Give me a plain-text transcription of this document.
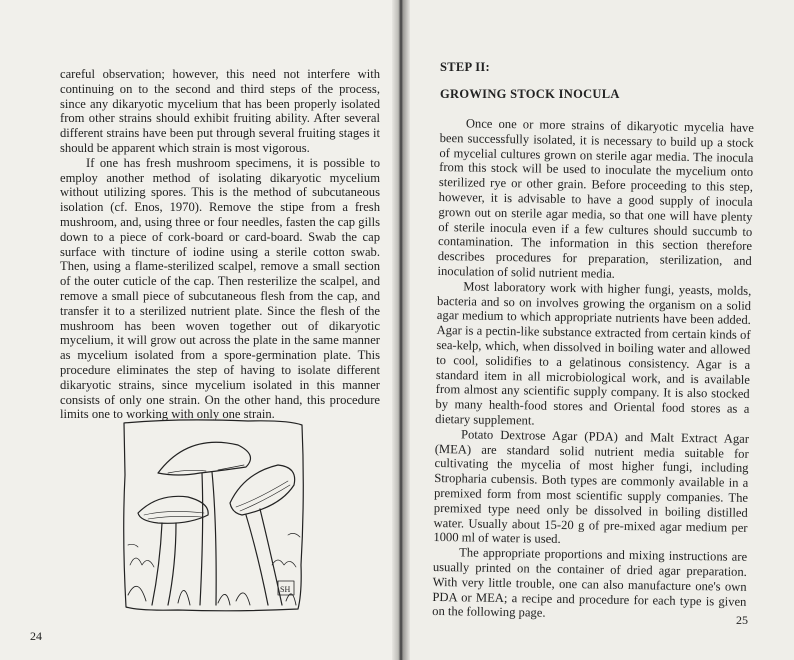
careful observation; however, this need not interfere with continuing on to the second and third steps of the process, since any dikaryotic mycelium that has been properly isolated from other strains should exhibit fruiting ability. After several different strains have been put through several fruiting stages it should be apparent which strain is most vigorous.

If one has fresh mushroom specimens, it is possible to employ another method of isolating dikaryotic mycelium without utilizing spores. This is the method of subcutaneous isolation (cf. Enos, 1970). Remove the stipe from a fresh mushroom, and, using three or four needles, fasten the cap gills down to a piece of cork-board or card-board. Swab the cap surface with tincture of iodine using a sterile cotton swab. Then, using a flame-sterilized scalpel, remove a small section of the outer cuticle of the cap. Then resterilize the scalpel, and remove a small piece of subcutaneous flesh from the cap, and transfer it to a sterilized nutrient plate. Since the flesh of the mushroom has been woven together out of dikaryotic mycelium, it will grow out across the plate in the same manner as mycelium isolated from a spore-germination plate. This procedure eliminates the step of having to isolate different dikaryotic strains, since mycelium isolated in this manner consists of only one strain. On the other hand, this procedure limits one to working with only one strain.

SH
24
STEP II:
GROWING STOCK INOCULA

Once one or more strains of dikaryotic mycelia have been successfully isolated, it is necessary to build up a stock of mycelial cultures grown on sterile agar media. The inocula from this stock will be used to inoculate the mycelium onto sterilized rye or other grain. Before proceeding to this step, however, it is advisable to have a good supply of inocula grown out on sterile agar media, so that one will have plenty of sterile inocula even if a few cultures should succumb to contamination. The information in this section therefore describes procedures for preparation, sterilization, and inoculation of solid nutrient media.

Most laboratory work with higher fungi, yeasts, molds, bacteria and so on involves growing the organism on a solid agar medium to which appropriate nutrients have been added. Agar is a pectin-like substance extracted from certain kinds of sea-kelp, which, when dissolved in boiling water and allowed to cool, solidifies to a gelatinous consistency. Agar is a standard item in all microbiological work, and is available from almost any scientific supply company. It is also stocked by many health-food stores and Oriental food stores as a dietary supplement.

Potato Dextrose Agar (PDA) and Malt Extract Agar (MEA) are standard solid nutrient media suitable for cultivating the mycelia of most higher fungi, including Stropharia cubensis. Both types are commonly available in a premixed form from most scientific supply companies. The premixed type need only be dissolved in boiling distilled water. Usually about 15-20 g of pre-mixed agar medium per 1000 ml of water is used.

The appropriate proportions and mixing instructions are usually printed on the container of dried agar preparation. With very little trouble, one can also manufacture one's own PDA or MEA; a recipe and procedure for each type is given on the following page.	25
